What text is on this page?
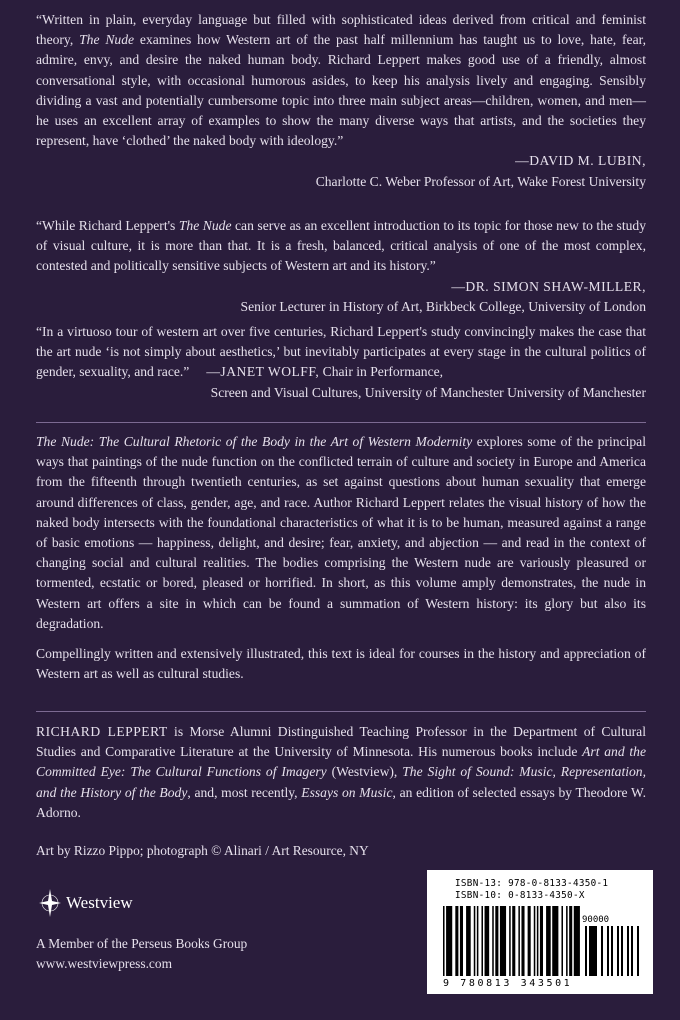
“Written in plain, everyday language but filled with sophisticated ideas derived from critical and feminist theory, The Nude examines how Western art of the past half millennium has taught us to love, hate, fear, admire, envy, and desire the naked human body. Richard Leppert makes good use of a friendly, almost conversational style, with occasional humorous asides, to keep his analysis lively and engaging. Sensibly dividing a vast and potentially cumbersome topic into three main subject areas—children, women, and men—he uses an excellent array of examples to show the many diverse ways that artists, and the societies they represent, have ‘clothed’ the naked body with ideology.”

—DAVID M. LUBIN,

Charlotte C. Weber Professor of Art, Wake Forest University

“While Richard Leppert's The Nude can serve as an excellent introduction to its topic for those new to the study of visual culture, it is more than that. It is a fresh, balanced, critical analysis of one of the most complex, contested and politically sensitive subjects of Western art and its history.”

—DR. SIMON SHAW-MILLER,

Senior Lecturer in History of Art, Birkbeck College, University of London

“In a virtuoso tour of western art over five centuries, Richard Leppert's study convincingly makes the case that the art nude ‘is not simply about aesthetics,’ but inevitably participates at every stage in the cultural politics of gender, sexuality, and race.” —JANET WOLFF, Chair in Performance,

Screen and Visual Cultures, University of Manchester University of Manchester

The Nude: The Cultural Rhetoric of the Body in the Art of Western Modernity explores some of the principal ways that paintings of the nude function on the conflicted terrain of culture and society in Europe and America from the fifteenth through twentieth centuries, as set against questions about human sexuality that emerge around differences of class, gender, age, and race. Author Richard Leppert relates the visual history of how the naked body intersects with the foundational characteristics of what it is to be human, measured against a range of basic emotions — happiness, delight, and desire; fear, anxiety, and abjection — and read in the context of changing social and cultural realities. The bodies comprising the Western nude are variously pleasured or tormented, ecstatic or bored, pleased or horrified. In short, as this volume amply demonstrates, the nude in Western art offers a site in which can be found a summation of Western history: its glory but also its degradation.

Compellingly written and extensively illustrated, this text is ideal for courses in the history and appreciation of Western art as well as cultural studies.

RICHARD LEPPERT is Morse Alumni Distinguished Teaching Professor in the Department of Cultural Studies and Comparative Literature at the University of Minnesota. His numerous books include Art and the Committed Eye: The Cultural Functions of Imagery (Westview), The Sight of Sound: Music, Representation, and the History of the Body, and, most recently, Essays on Music, an edition of selected essays by Theodore W. Adorno.

Art by Rizzo Pippo; photograph © Alinari / Art Resource, NY
Westview
A Member of the Perseus Books Group
www.westviewpress.com
ISBN-13: 978-0-8133-4350-1
ISBN-10: 0-8133-4350-X
90000
9 780813 343501
